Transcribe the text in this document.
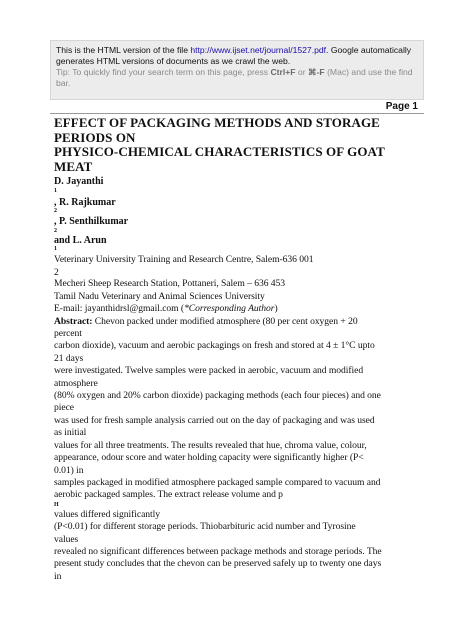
This is the HTML version of the file http://www.ijset.net/journal/1527.pdf. Google automatically
generates HTML versions of documents as we crawl the web.
Tip: To quickly find your search term on this page, press Ctrl+F or ⌘-F (Mac) and use the find
bar.
Page 1
EFFECT OF PACKAGING METHODS AND STORAGE
PERIODS ON
PHYSICO-CHEMICAL CHARACTERISTICS OF GOAT MEAT
D. Jayanthi
1
, R. Rajkumar
2
, P. Senthilkumar
2
and L. Arun
1
Veterinary University Training and Research Centre, Salem-636 001
2
Mecheri Sheep Research Station, Pottaneri, Salem – 636 453
Tamil Nadu Veterinary and Animal Sciences University
E-mail: jayanthidrsl@gmail.com (*Corresponding Author)
Abstract: Chevon packed under modified atmosphere (80 per cent oxygen + 20
percent
carbon dioxide), vacuum and aerobic packagings on fresh and stored at 4 ± 1°C upto
21 days
were investigated. Twelve samples were packed in aerobic, vacuum and modified
atmosphere
(80% oxygen and 20% carbon dioxide) packaging methods (each four pieces) and one
piece
was used for fresh sample analysis carried out on the day of packaging and was used
as initial
values for all three treatments. The results revealed that hue, chroma value, colour,
appearance, odour score and water holding capacity were significantly higher (P<
0.01) in
samples packaged in modified atmosphere packaged sample compared to vacuum and
aerobic packaged samples. The extract release volume and p
H
values differed significantly
(P<0.01) for different storage periods. Thiobarbituric acid number and Tyrosine
values
revealed no significant differences between package methods and storage periods. The
present study concludes that the chevon can be preserved safely up to twenty one days
in
